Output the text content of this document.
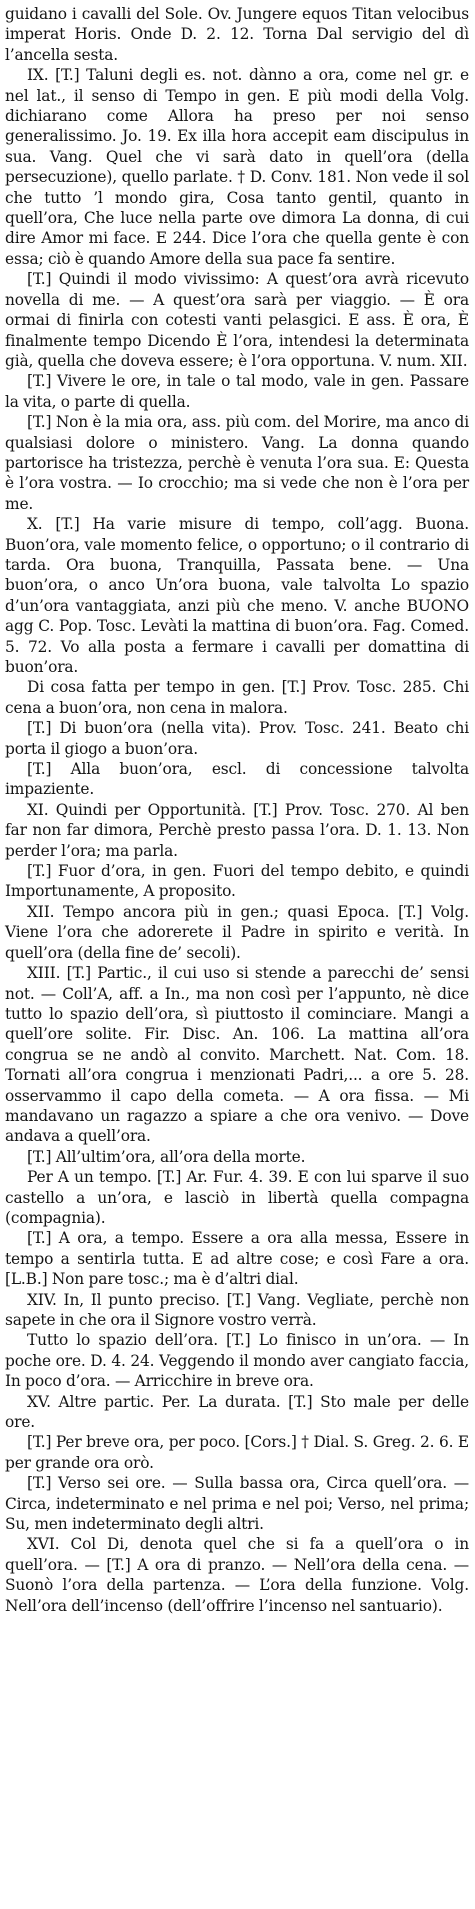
guidano i cavalli del Sole. Ov. Jungere equos Titan velocibus imperat Horis. Onde D. 2. 12. Torna Dal servigio del dì l’ancella sesta.

IX. [T.] Taluni degli es. not. dànno a ora, come nel gr. e nel lat., il senso di Tempo in gen. E più modi della Volg. dichiarano come Allora ha preso per noi senso generalissimo. Jo. 19. Ex illa hora accepit eam discipulus in sua. Vang. Quel che vi sarà dato in quell’ora (della persecuzione), quello parlate. † D. Conv. 181. Non vede il sol che tutto ’l mondo gira, Cosa tanto gentil, quanto in quell’ora, Che luce nella parte ove dimora La donna, di cui dire Amor mi face. E 244. Dice l’ora che quella gente è con essa; ciò è quando Amore della sua pace fa sentire.

[T.] Quindi il modo vivissimo: A quest’ora avrà ricevuto novella di me. — A quest’ora sarà per viaggio. — È ora ormai di finirla con cotesti vanti pelasgici. E ass. È ora, È finalmente tempo Dicendo È l’ora, intendesi la determinata già, quella che doveva essere; è l’ora opportuna. V. num. XII.

[T.] Vivere le ore, in tale o tal modo, vale in gen. Passare la vita, o parte di quella.

[T.] Non è la mia ora, ass. più com. del Morire, ma anco di qualsiasi dolore o ministero. Vang. La donna quando partorisce ha tristezza, perchè è venuta l’ora sua. E: Questa è l’ora vostra. — Io crocchio; ma si vede che non è l’ora per me.

X. [T.] Ha varie misure di tempo, coll’agg. Buona. Buon’ora, vale momento felice, o opportuno; o il contrario di tarda. Ora buona, Tranquilla, Passata bene. — Una buon’ora, o anco Un’ora buona, vale talvolta Lo spazio d’un’ora vantaggiata, anzi più che meno. V. anche BUONO agg C. Pop. Tosc. Levàti la mattina di buon’ora. Fag. Comed. 5. 72. Vo alla posta a fermare i cavalli per domattina di buon’ora.

Di cosa fatta per tempo in gen. [T.] Prov. Tosc. 285. Chi cena a buon’ora, non cena in malora.

[T.] Di buon’ora (nella vita). Prov. Tosc. 241. Beato chi porta il giogo a buon’ora.

[T.] Alla buon’ora, escl. di concessione talvolta impaziente.

XI. Quindi per Opportunità. [T.] Prov. Tosc. 270. Al ben far non far dimora, Perchè presto passa l’ora. D. 1. 13. Non perder l’ora; ma parla.

[T.] Fuor d’ora, in gen. Fuori del tempo debito, e quindi Importunamente, A proposito.

XII. Tempo ancora più in gen.; quasi Epoca. [T.] Volg. Viene l’ora che adorerete il Padre in spirito e verità. In quell’ora (della fine de’ secoli).

XIII. [T.] Partic., il cui uso si stende a parecchi de’ sensi not. — Coll’A, aff. a In., ma non così per l’appunto, nè dice tutto lo spazio dell’ora, sì piuttosto il cominciare. Mangi a quell’ore solite. Fir. Disc. An. 106. La mattina all’ora congrua se ne andò al convito. Marchett. Nat. Com. 18. Tornati all’ora congrua i menzionati Padri,... a ore 5. 28. osservammo il capo della cometa. — A ora fissa. — Mi mandavano un ragazzo a spiare a che ora venivo. — Dove andava a quell’ora.

[T.] All’ultim’ora, all’ora della morte.

Per A un tempo. [T.] Ar. Fur. 4. 39. E con lui sparve il suo castello a un’ora, e lasciò in libertà quella compagna (compagnia).

[T.] A ora, a tempo. Essere a ora alla messa, Essere in tempo a sentirla tutta. E ad altre cose; e così Fare a ora. [L.B.] Non pare tosc.; ma è d’altri dial.

XIV. In, Il punto preciso. [T.] Vang. Vegliate, perchè non sapete in che ora il Signore vostro verrà.

Tutto lo spazio dell’ora. [T.] Lo finisco in un’ora. — In poche ore. D. 4. 24. Veggendo il mondo aver cangiato faccia, In poco d’ora. — Arricchire in breve ora.

XV. Altre partic. Per. La durata. [T.] Sto male per delle ore.

[T.] Per breve ora, per poco. [Cors.] † Dial. S. Greg. 2. 6. E per grande ora orò.

[T.] Verso sei ore. — Sulla bassa ora, Circa quell’ora. — Circa, indeterminato e nel prima e nel poi; Verso, nel prima; Su, men indeterminato degli altri.

XVI. Col Di, denota quel che si fa a quell’ora o in quell’ora. — [T.] A ora di pranzo. — Nell’ora della cena. — Suonò l’ora della partenza. — L’ora della funzione. Volg. Nell’ora dell’incenso (dell’offrire l’incenso nel santuario).
